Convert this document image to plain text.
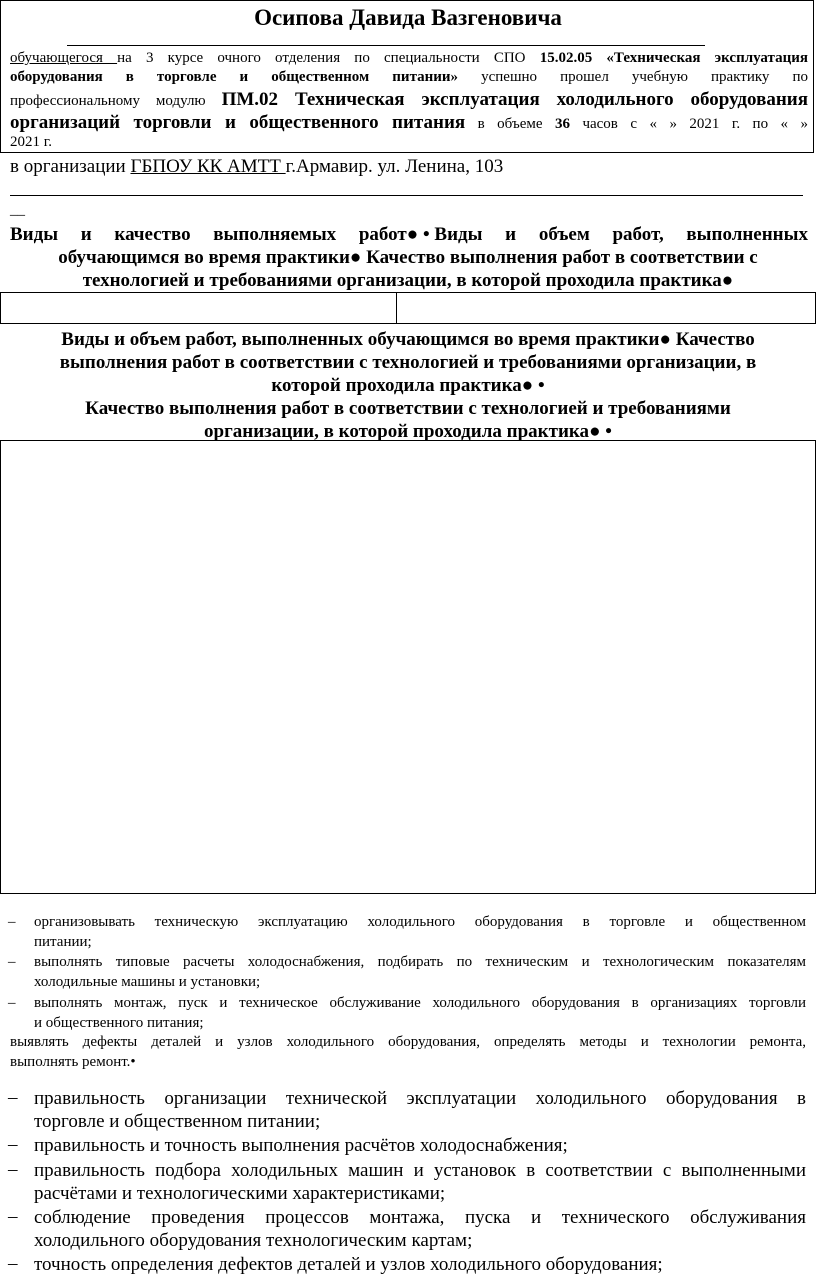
Осипова Давида Вазгеновича
обучающегося на 3 курсе очного отделения по специальности СПО 15.02.05 «Техническая эксплуатация
оборудования в торговле и общественном питании» успешно прошел учебную практику по
профессиональному модулю ПМ.02 Техническая эксплуатация холодильного оборудования
организаций торговли и общественного питания в объеме 36 часов с « » 2021 г. по « »
2021 г.
в организации ГБПОУ КК АМТТ г.Армавир. ул. Ленина, 103
__
Виды и качество выполняемых работ● • Виды и объем работ, выполненных
обучающимся во время практики● Качество выполнения работ в соответствии с
технологией и требованиями организации, в которой проходила практика●
Виды и объем работ, выполненных обучающимся во время практики● Качество
выполнения работ в соответствии с технологией и требованиями организации, в
которой проходила практика● •
Качество выполнения работ в соответствии с технологией и требованиями
организации, в которой проходила практика● •
– организовывать техническую эксплуатацию холодильного оборудования в торговле и общественном
питании;
– выполнять типовые расчеты холодоснабжения, подбирать по техническим и технологическим показателям
холодильные машины и установки;
– выполнять монтаж, пуск и техническое обслуживание холодильного оборудования в организациях торговли
и общественного питания;
выявлять дефекты деталей и узлов холодильного оборудования, определять методы и технологии ремонта,
выполнять ремонт.•
– правильность организации технической эксплуатации холодильного оборудования в
торговле и общественном питании;
– правильность и точность выполнения расчётов холодоснабжения;
– правильность подбора холодильных машин и установок в соответствии с выполненными
расчётами и технологическими характеристиками;
– соблюдение проведения процессов монтажа, пуска и технического обслуживания
холодильного оборудования технологическим картам;
– точность определения дефектов деталей и узлов холодильного оборудования;
